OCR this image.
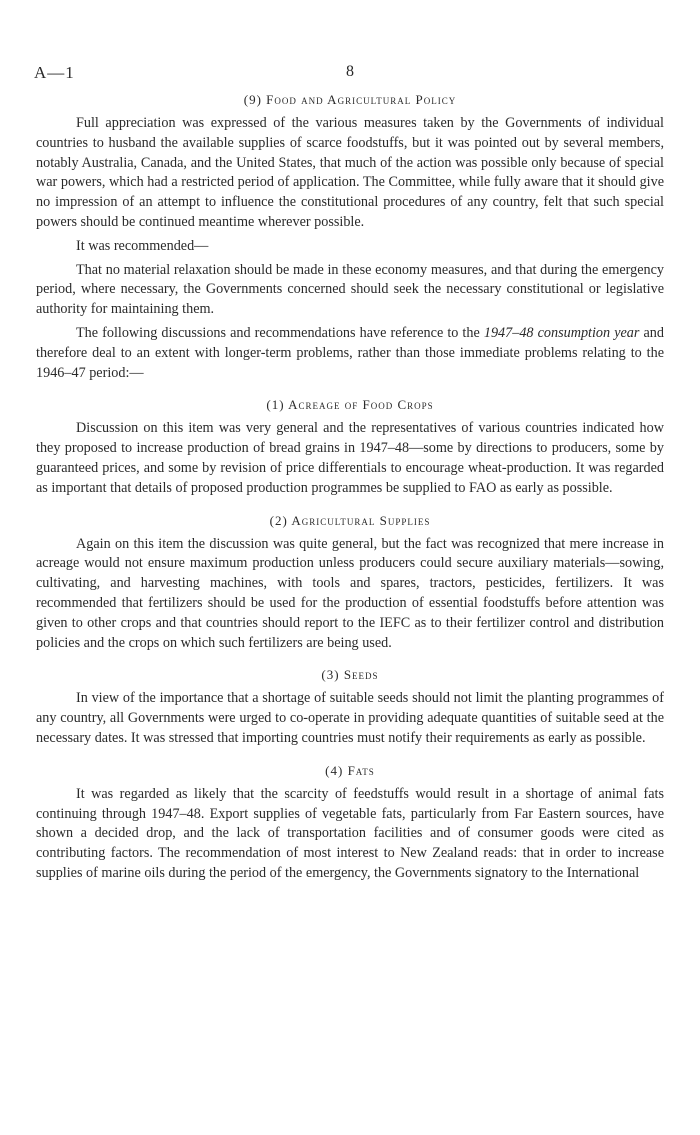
A—1	8
(9) Food and Agricultural Policy

Full appreciation was expressed of the various measures taken by the Governments of individual countries to husband the available supplies of scarce foodstuffs, but it was pointed out by several members, notably Australia, Canada, and the United States, that much of the action was possible only because of special war powers, which had a restricted period of application. The Committee, while fully aware that it should give no impression of an attempt to influence the constitutional procedures of any country, felt that such special powers should be continued meantime wherever possible.

It was recommended—

That no material relaxation should be made in these economy measures, and that during the emergency period, where necessary, the Governments concerned should seek the necessary constitutional or legislative authority for maintaining them.

The following discussions and recommendations have reference to the 1947–48 consumption year and therefore deal to an extent with longer-term problems, rather than those immediate problems relating to the 1946–47 period:—

(1) Acreage of Food Crops

Discussion on this item was very general and the representatives of various countries indicated how they proposed to increase production of bread grains in 1947–48—some by directions to producers, some by guaranteed prices, and some by revision of price differentials to encourage wheat-production. It was regarded as important that details of proposed production programmes be supplied to FAO as early as possible.

(2) Agricultural Supplies

Again on this item the discussion was quite general, but the fact was recognized that mere increase in acreage would not ensure maximum production unless producers could secure auxiliary materials—sowing, cultivating, and harvesting machines, with tools and spares, tractors, pesticides, fertilizers. It was recommended that fertilizers should be used for the production of essential foodstuffs before attention was given to other crops and that countries should report to the IEFC as to their fertilizer control and distribution policies and the crops on which such fertilizers are being used.

(3) Seeds

In view of the importance that a shortage of suitable seeds should not limit the planting programmes of any country, all Governments were urged to co-operate in providing adequate quantities of suitable seed at the necessary dates. It was stressed that importing countries must notify their requirements as early as possible.

(4) Fats

It was regarded as likely that the scarcity of feedstuffs would result in a shortage of animal fats continuing through 1947–48. Export supplies of vegetable fats, particularly from Far Eastern sources, have shown a decided drop, and the lack of transportation facilities and of consumer goods were cited as contributing factors. The recommendation of most interest to New Zealand reads: that in order to increase supplies of marine oils during the period of the emergency, the Governments signatory to the International
